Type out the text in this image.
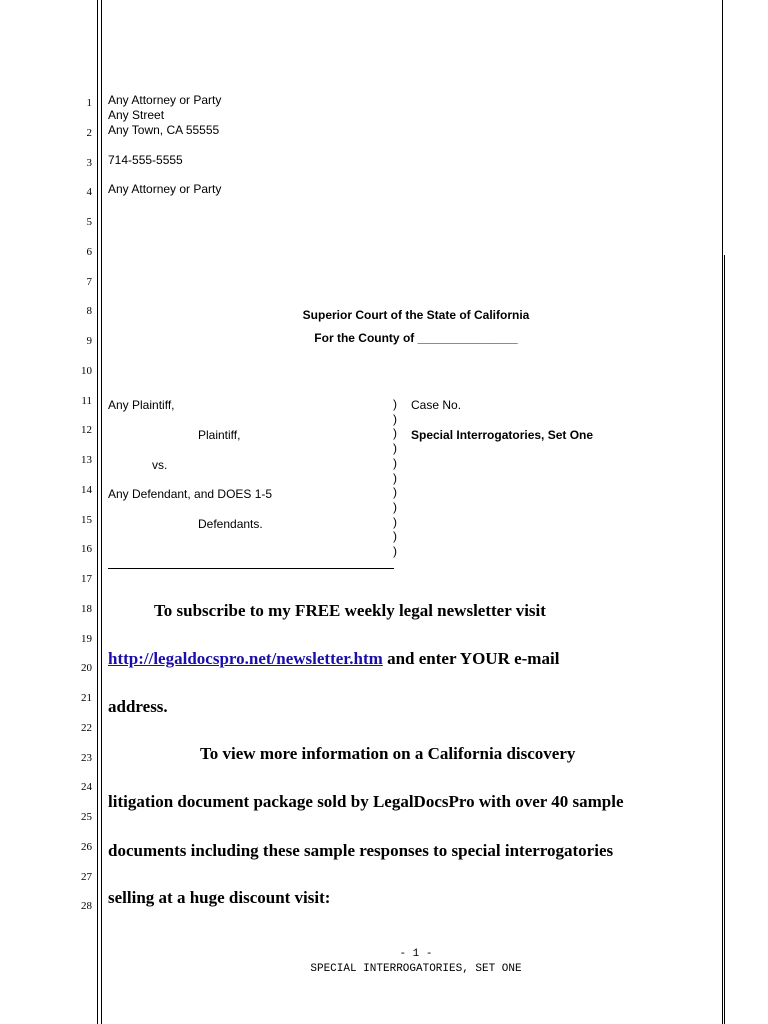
1
2
3
4
5
6
7
8
9
10
11
12
13
14
15
16
17
18
19
20
21
22
23
24
25
26
27
28
Any Attorney or Party
Any Street
Any Town, CA 55555
714-555-5555
Any Attorney or Party
Superior Court of the State of California
For the County of _______________
Any Plaintiff,
Plaintiff,
vs.
Any Defendant, and DOES 1-5
Defendants.
)
)
)
)
)
)
)
)
)
)
)
Case No.
Special Interrogatories, Set One
To subscribe to my FREE weekly legal newsletter visit
http://legaldocspro.net/newsletter.htm and enter YOUR e-mail
address.
To view more information on a California discovery
litigation document package sold by LegalDocsPro with over 40 sample
documents including these sample responses to special interrogatories
selling at a huge discount visit:
- 1 -
SPECIAL INTERROGATORIES, SET ONE
